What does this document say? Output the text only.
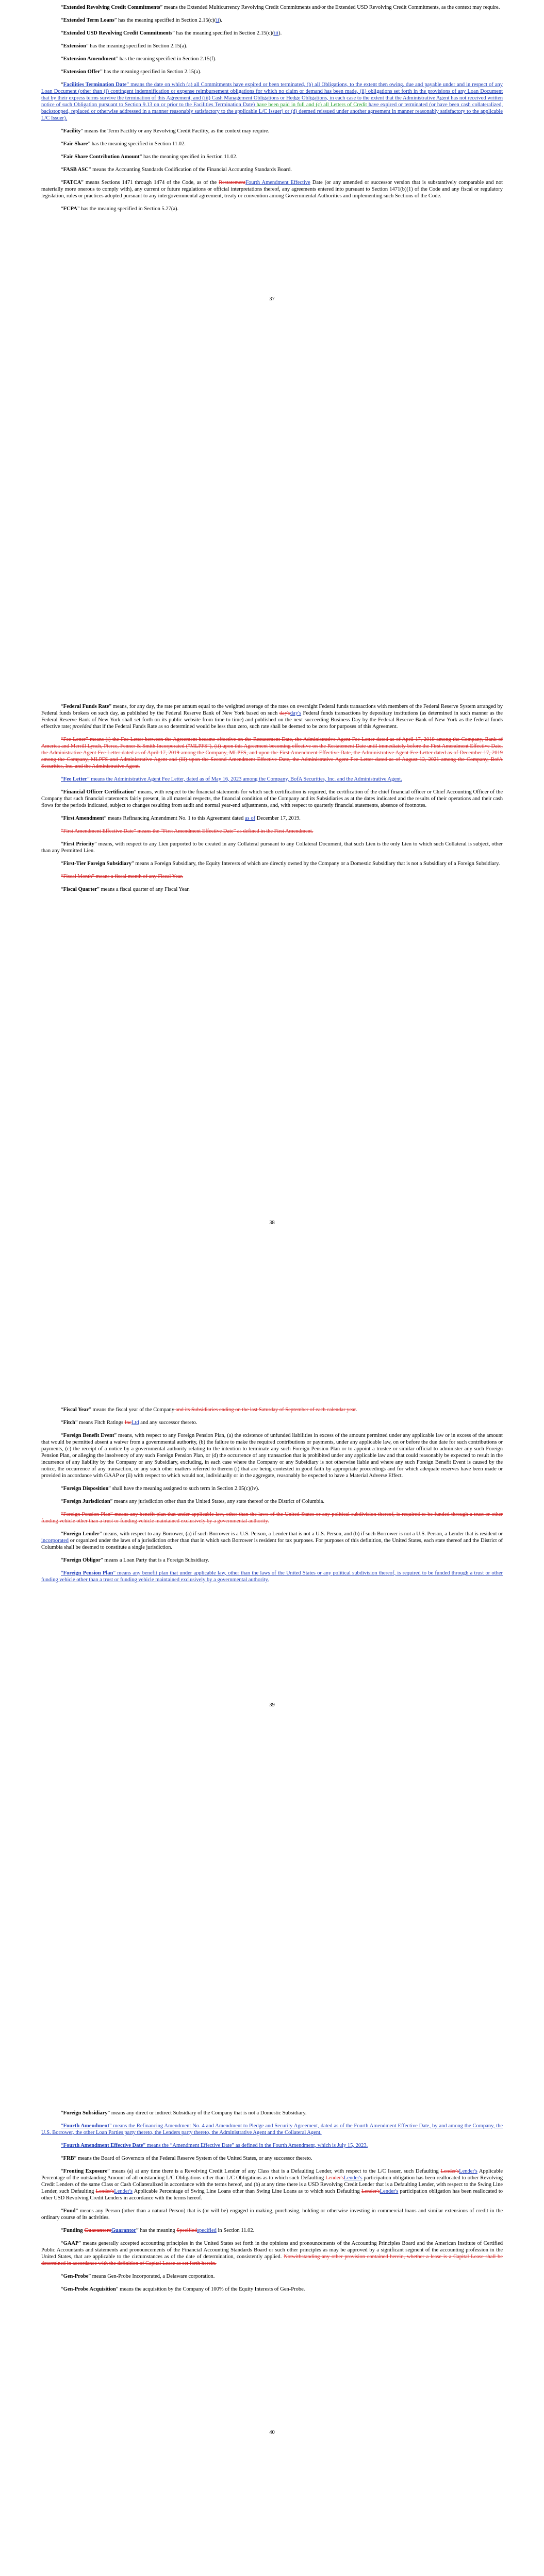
“Extended Revolving Credit Commitments” means the Extended Multicurrency Revolving Credit Commitments and/or the Extended USD Revolving Credit Commitments, as the context may require.

“Extended Term Loans” has the meaning specified in Section 2.15(c)(ii).

“Extended USD Revolving Credit Commitments” has the meaning specified in Section 2.15(c)(iii).

“Extension” has the meaning specified in Section 2.15(a).

“Extension Amendment” has the meaning specified in Section 2.15(f).

“Extension Offer” has the meaning specified in Section 2.15(a).

“Facilities Termination Date” means the date on which (a) all Commitments have expired or been terminated, (b) all Obligations, to the extent then owing, due and payable under and in respect of any Loan Document (other than (i) contingent indemnification or expense reimbursement obligations for which no claim or demand has been made, (ii) obligations set forth in the provisions of any Loan Document that by their express terms survive the termination of this Agreement, and (iii) Cash Management Obligations or Hedge Obligations, in each case to the extent that the Administrative Agent has not received written notice of such Obligation pursuant to Section 9.13 on or prior to the Facilities Termination Date) have been paid in full and (c) all Letters of Credit have expired or terminated (or have been cash collateralized, backstopped, replaced or otherwise addressed in a manner reasonably satisfactory to the applicable L/C Issuer) or (d) deemed reissued under another agreement in manner reasonably satisfactory to the applicable L/C Issuer).

“Facility” means the Term Facility or any Revolving Credit Facility, as the context may require.

“Fair Share” has the meaning specified in Section 11.02.

“Fair Share Contribution Amount” has the meaning specified in Section 11.02.

“FASB ASC” means the Accounting Standards Codification of the Financial Accounting Standards Board.

“FATCA” means Sections 1471 through 1474 of the Code, as of the RestatementFourth Amendment Effective Date (or any amended or successor version that is substantively comparable and not materially more onerous to comply with), any current or future regulations or official interpretations thereof, any agreements entered into pursuant to Section 1471(b)(1) of the Code and any fiscal or regulatory legislation, rules or practices adopted pursuant to any intergovernmental agreement, treaty or convention among Governmental Authorities and implementing such Sections of the Code.

“FCPA” has the meaning specified in Section 5.27(a).

37

“Federal Funds Rate” means, for any day, the rate per annum equal to the weighted average of the rates on overnight Federal funds transactions with members of the Federal Reserve System arranged by Federal funds brokers on such day, as published by the Federal Reserve Bank of New York based on such day'sday's Federal funds transactions by depositary institutions (as determined in such manner as the Federal Reserve Bank of New York shall set forth on its public website from time to time) and published on the next succeeding Business Day by the Federal Reserve Bank of New York as the federal funds effective rate; provided that if the Federal Funds Rate as so determined would be less than zero, such rate shall be deemed to be zero for purposes of this Agreement.

“Fee Letter” means (i) the Fee Letter between the Agreement became effective on the Restatement Date, the Administrative Agent Fee Letter dated as of April 17, 2019 among the Company, Bank of America and Merrill Lynch, Pierce, Fenner & Smith Incorporated (“MLPFS”), (ii) upon this Agreement becoming effective on the Restatement Date until immediately before the First Amendment Effective Date, the Administrative Agent Fee Letter dated as of April 17, 2019 among the Company, MLPFS, and upon the First Amendment Effective Date, the Administrative Agent Fee Letter dated as of December 17, 2019 among the Company, MLPFS and Administrative Agent and (iii) upon the Second Amendment Effective Date, the Administrative Agent Fee Letter dated as of August 12, 2021 among the Company, BofA Securities, Inc. and the Administrative Agent.

“Fee Letter” means the Administrative Agent Fee Letter, dated as of May 16, 2023 among the Company, BofA Securities, Inc. and the Administrative Agent.

“Financial Officer Certification” means, with respect to the financial statements for which such certification is required, the certification of the chief financial officer or Chief Accounting Officer of the Company that such financial statements fairly present, in all material respects, the financial condition of the Company and its Subsidiaries as at the dates indicated and the results of their operations and their cash flows for the periods indicated, subject to changes resulting from audit and normal year-end adjustments, and, with respect to quarterly financial statements, absence of footnotes.

“First Amendment” means Refinancing Amendment No. 1 to this Agreement dated as of December 17, 2019.

“First Amendment Effective Date” means the “First Amendment Effective Date” as defined in the First Amendment.

“First Priority” means, with respect to any Lien purported to be created in any Collateral pursuant to any Collateral Document, that such Lien is the only Lien to which such Collateral is subject, other than any Permitted Lien.

“First-Tier Foreign Subsidiary” means a Foreign Subsidiary, the Equity Interests of which are directly owned by the Company or a Domestic Subsidiary that is not a Subsidiary of a Foreign Subsidiary.

“Fiscal Month” means a fiscal month of any Fiscal Year.

“Fiscal Quarter” means a fiscal quarter of any Fiscal Year.

38

“Fiscal Year” means the fiscal year of the Company and its Subsidiaries ending on the last Saturday of September of each calendar year.

“Fitch” means Fitch Ratings IncLtd and any successor thereto.

“Foreign Benefit Event” means, with respect to any Foreign Pension Plan, (a) the existence of unfunded liabilities in excess of the amount permitted under any applicable law or in excess of the amount that would be permitted absent a waiver from a governmental authority, (b) the failure to make the required contributions or payments, under any applicable law, on or before the due date for such contributions or payments, (c) the receipt of a notice by a governmental authority relating to the intention to terminate any such Foreign Pension Plan or to appoint a trustee or similar official to administer any such Foreign Pension Plan, or alleging the insolvency of any such Foreign Pension Plan, or (d) the occurrence of any transaction that is prohibited under any applicable law and that could reasonably be expected to result in the incurrence of any liability by the Company or any Subsidiary, excluding, in each case where the Company or any Subsidiary is not otherwise liable and where any such Foreign Benefit Event is caused by the notice, the occurrence of any transaction, or any such other matters referred to therein (i) that are being contested in good faith by appropriate proceedings and for which adequate reserves have been made or provided in accordance with GAAP or (ii) with respect to which would not, individually or in the aggregate, reasonably be expected to have a Material Adverse Effect.

“Foreign Disposition” shall have the meaning assigned to such term in Section 2.05(c)(iv).

“Foreign Jurisdiction” means any jurisdiction other than the United States, any state thereof or the District of Columbia.

“Foreign Pension Plan” means any benefit plan that under applicable law, other than the laws of the United States or any political subdivision thereof, is required to be funded through a trust or other funding vehicle other than a trust or funding vehicle maintained exclusively by a governmental authority.

“Foreign Lender” means, with respect to any Borrower, (a) if such Borrower is a U.S. Person, a Lender that is not a U.S. Person, and (b) if such Borrower is not a U.S. Person, a Lender that is resident or incorporated or organized under the laws of a jurisdiction other than that in which such Borrower is resident for tax purposes. For purposes of this definition, the United States, each state thereof and the District of Columbia shall be deemed to constitute a single jurisdiction.

“Foreign Obligor” means a Loan Party that is a Foreign Subsidiary.

“Foreign Pension Plan” means any benefit plan that under applicable law, other than the laws of the United States or any political subdivision thereof, is required to be funded through a trust or other funding vehicle other than a trust or funding vehicle maintained exclusively by a governmental authority.

39

“Foreign Subsidiary” means any direct or indirect Subsidiary of the Company that is not a Domestic Subsidiary.

“Fourth Amendment” means the Refinancing Amendment No. 4 and Amendment to Pledge and Security Agreement, dated as of the Fourth Amendment Effective Date, by and among the Company, the U.S. Borrower, the other Loan Parties party thereto, the Lenders party thereto, the Administrative Agent and the Collateral Agent.

“Fourth Amendment Effective Date” means the “Amendment Effective Date” as defined in the Fourth Amendment, which is July 15, 2023.

“FRB” means the Board of Governors of the Federal Reserve System of the United States, or any successor thereto.

“Fronting Exposure” means (a) at any time there is a Revolving Credit Lender of any Class that is a Defaulting Lender, with respect to the L/C Issuer, such Defaulting Lender'sLender's Applicable Percentage of the outstanding Amount of all outstanding L/C Obligations other than L/C Obligations as to which such Defaulting Lender'sLender's participation obligation has been reallocated to other Revolving Credit Lenders of the same Class or Cash Collateralized in accordance with the terms hereof, and (b) at any time there is a USD Revolving Credit Lender that is a Defaulting Lender, with respect to the Swing Line Lender, such Defaulting Lender'sLender's Applicable Percentage of Swing Line Loans other than Swing Line Loans as to which such Defaulting Lender'sLender's participation obligation has been reallocated to other USD Revolving Credit Lenders in accordance with the terms hereof.

“Fund” means any Person (other than a natural Person) that is (or will be) engaged in making, purchasing, holding or otherwise investing in commercial loans and similar extensions of credit in the ordinary course of its activities.

“Funding GuarantorsGuarantor” has the meaning Specifiedspecified in Section 11.02.

“GAAP” means generally accepted accounting principles in the United States set forth in the opinions and pronouncements of the Accounting Principles Board and the American Institute of Certified Public Accountants and statements and pronouncements of the Financial Accounting Standards Board or such other principles as may be approved by a significant segment of the accounting profession in the United States, that are applicable to the circumstances as of the date of determination, consistently applied. Notwithstanding any other provision contained herein, whether a lease is a Capital Lease shall be determined in accordance with the definition of Capital Lease as set forth herein.

“Gen-Probe” means Gen-Probe Incorporated, a Delaware corporation.

“Gen-Probe Acquisition” means the acquisition by the Company of 100% of the Equity Interests of Gen-Probe.

40
